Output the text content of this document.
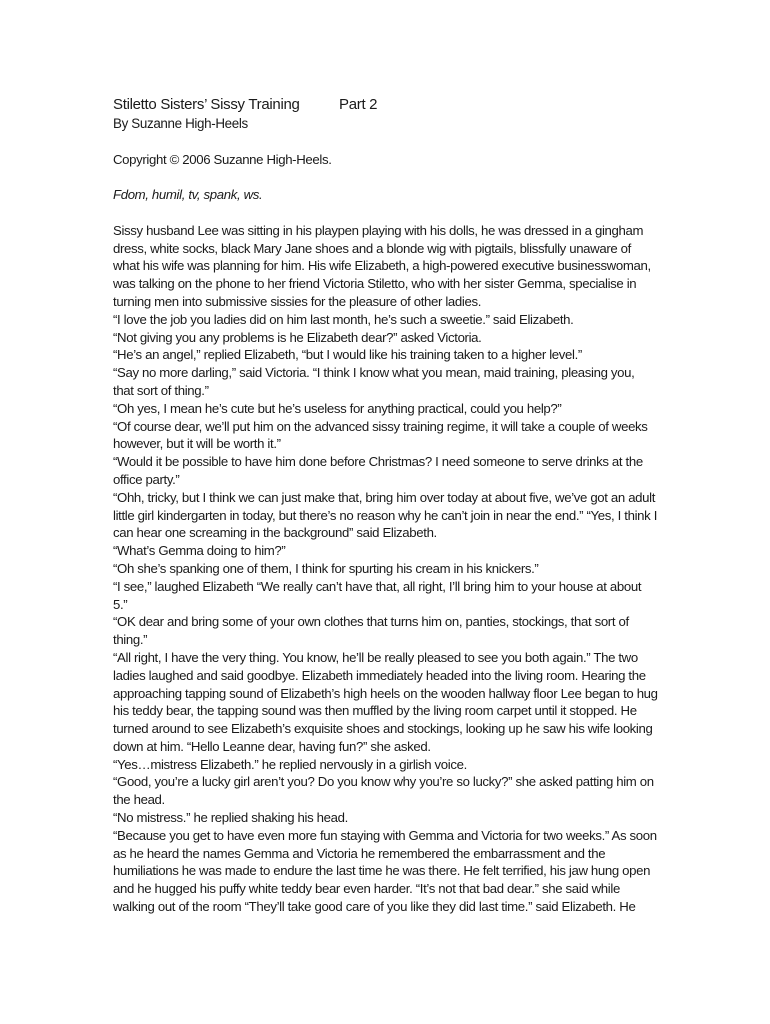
Stiletto Sisters’ Sissy Training	Part 2
By Suzanne High-Heels
Copyright © 2006 Suzanne High-Heels.
Fdom, humil, tv, spank, ws.

Sissy husband Lee was sitting in his playpen playing with his dolls, he was dressed in a gingham dress, white socks, black Mary Jane shoes and a blonde wig with pigtails, blissfully unaware of what his wife was planning for him. His wife Elizabeth, a high-powered executive businesswoman, was talking on the phone to her friend Victoria Stiletto, who with her sister Gemma, specialise in turning men into submissive sissies for the pleasure of other ladies.

“I love the job you ladies did on him last month, he’s such a sweetie.” said Elizabeth.

“Not giving you any problems is he Elizabeth dear?” asked Victoria.

“He’s an angel,” replied Elizabeth, “but I would like his training taken to a higher level.”

“Say no more darling,” said Victoria. “I think I know what you mean, maid training, pleasing you, that sort of thing.”

“Oh yes, I mean he’s cute but he’s useless for anything practical, could you help?”

“Of course dear, we’ll put him on the advanced sissy training regime, it will take a couple of weeks however, but it will be worth it.”

“Would it be possible to have him done before Christmas? I need someone to serve drinks at the office party.”

“Ohh, tricky, but I think we can just make that, bring him over today at about five, we’ve got an adult little girl kindergarten in today, but there’s no reason why he can’t join in near the end.” “Yes, I think I can hear one screaming in the background” said Elizabeth.

“What’s Gemma doing to him?”

“Oh she’s spanking one of them, I think for spurting his cream in his knickers.”

“I see,” laughed Elizabeth “We really can’t have that, all right, I’ll bring him to your house at about 5.”

“OK dear and bring some of your own clothes that turns him on, panties, stockings, that sort of thing.”

“All right, I have the very thing. You know, he’ll be really pleased to see you both again.” The two ladies laughed and said goodbye. Elizabeth immediately headed into the living room. Hearing the approaching tapping sound of Elizabeth’s high heels on the wooden hallway floor Lee began to hug his teddy bear, the tapping sound was then muffled by the living room carpet until it stopped. He turned around to see Elizabeth’s exquisite shoes and stockings, looking up he saw his wife looking down at him. “Hello Leanne dear, having fun?” she asked.

“Yes…mistress Elizabeth.” he replied nervously in a girlish voice.

“Good, you’re a lucky girl aren’t you? Do you know why you’re so lucky?” she asked patting him on the head.

“No mistress.” he replied shaking his head.

“Because you get to have even more fun staying with Gemma and Victoria for two weeks.” As soon as he heard the names Gemma and Victoria he remembered the embarrassment and the humiliations he was made to endure the last time he was there. He felt terrified, his jaw hung open and he hugged his puffy white teddy bear even harder. “It’s not that bad dear.” she said while walking out of the room “They’ll take good care of you like they did last time.” said Elizabeth. He
